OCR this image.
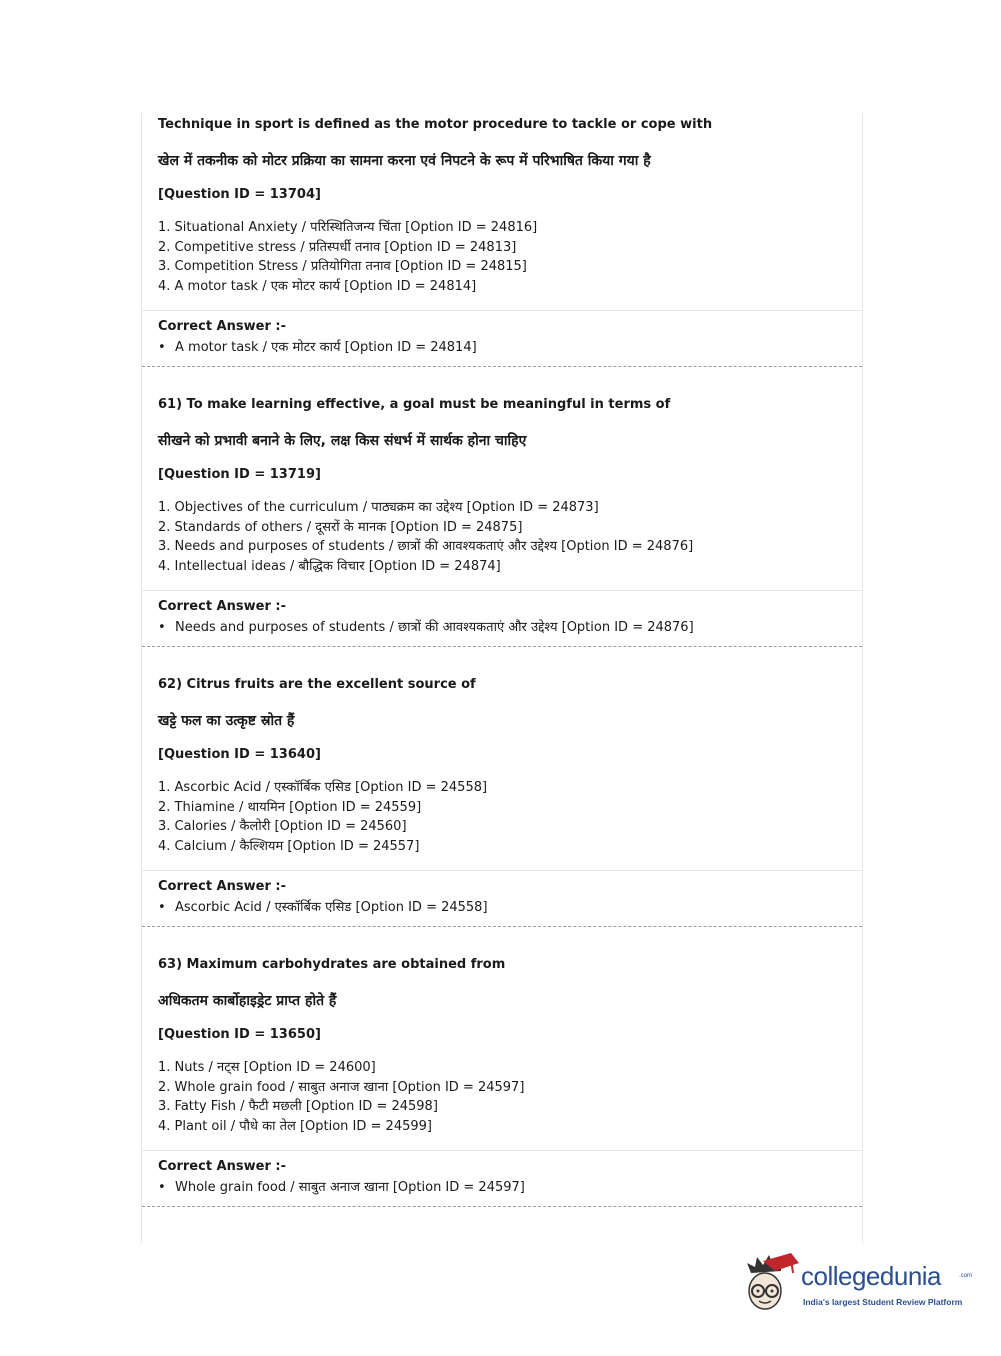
Technique in sport is defined as the motor procedure to tackle or cope with
खेल में तकनीक को मोटर प्रक्रिया का सामना करना एवं निपटने के रूप में परिभाषित किया गया है
[Question ID = 13704]
1. Situational Anxiety / परिस्थितिजन्य चिंता [Option ID = 24816]
2. Competitive stress / प्रतिस्पर्धी तनाव [Option ID = 24813]
3. Competition Stress / प्रतियोगिता तनाव [Option ID = 24815]
4. A motor task / एक मोटर कार्य [Option ID = 24814]
Correct Answer :-
• A motor task / एक मोटर कार्य [Option ID = 24814]
61) To make learning effective, a goal must be meaningful in terms of
सीखने को प्रभावी बनाने के लिए, लक्ष किस संधर्भ में सार्थक होना चाहिए
[Question ID = 13719]
1. Objectives of the curriculum / पाठ्यक्रम का उद्देश्य [Option ID = 24873]
2. Standards of others / दूसरों के मानक [Option ID = 24875]
3. Needs and purposes of students / छात्रों की आवश्यकताएं और उद्देश्य [Option ID = 24876]
4. Intellectual ideas / बौद्धिक विचार [Option ID = 24874]
Correct Answer :-
• Needs and purposes of students / छात्रों की आवश्यकताएं और उद्देश्य [Option ID = 24876]
62) Citrus fruits are the excellent source of
खट्टे फल का उत्कृष्ट स्रोत हैं
[Question ID = 13640]
1. Ascorbic Acid / एस्कॉर्बिक एसिड [Option ID = 24558]
2. Thiamine / थायमिन [Option ID = 24559]
3. Calories / कैलोरी [Option ID = 24560]
4. Calcium / कैल्शियम [Option ID = 24557]
Correct Answer :-
• Ascorbic Acid / एस्कॉर्बिक एसिड [Option ID = 24558]
63) Maximum carbohydrates are obtained from
अधिकतम कार्बोहाइड्रेट प्राप्त होते हैं
[Question ID = 13650]
1. Nuts / नट्स [Option ID = 24600]
2. Whole grain food / साबुत अनाज खाना [Option ID = 24597]
3. Fatty Fish / फैटी मछली [Option ID = 24598]
4. Plant oil / पौधे का तेल [Option ID = 24599]
Correct Answer :-
• Whole grain food / साबुत अनाज खाना [Option ID = 24597]
collegedunia	.com
India's largest Student Review Platform
